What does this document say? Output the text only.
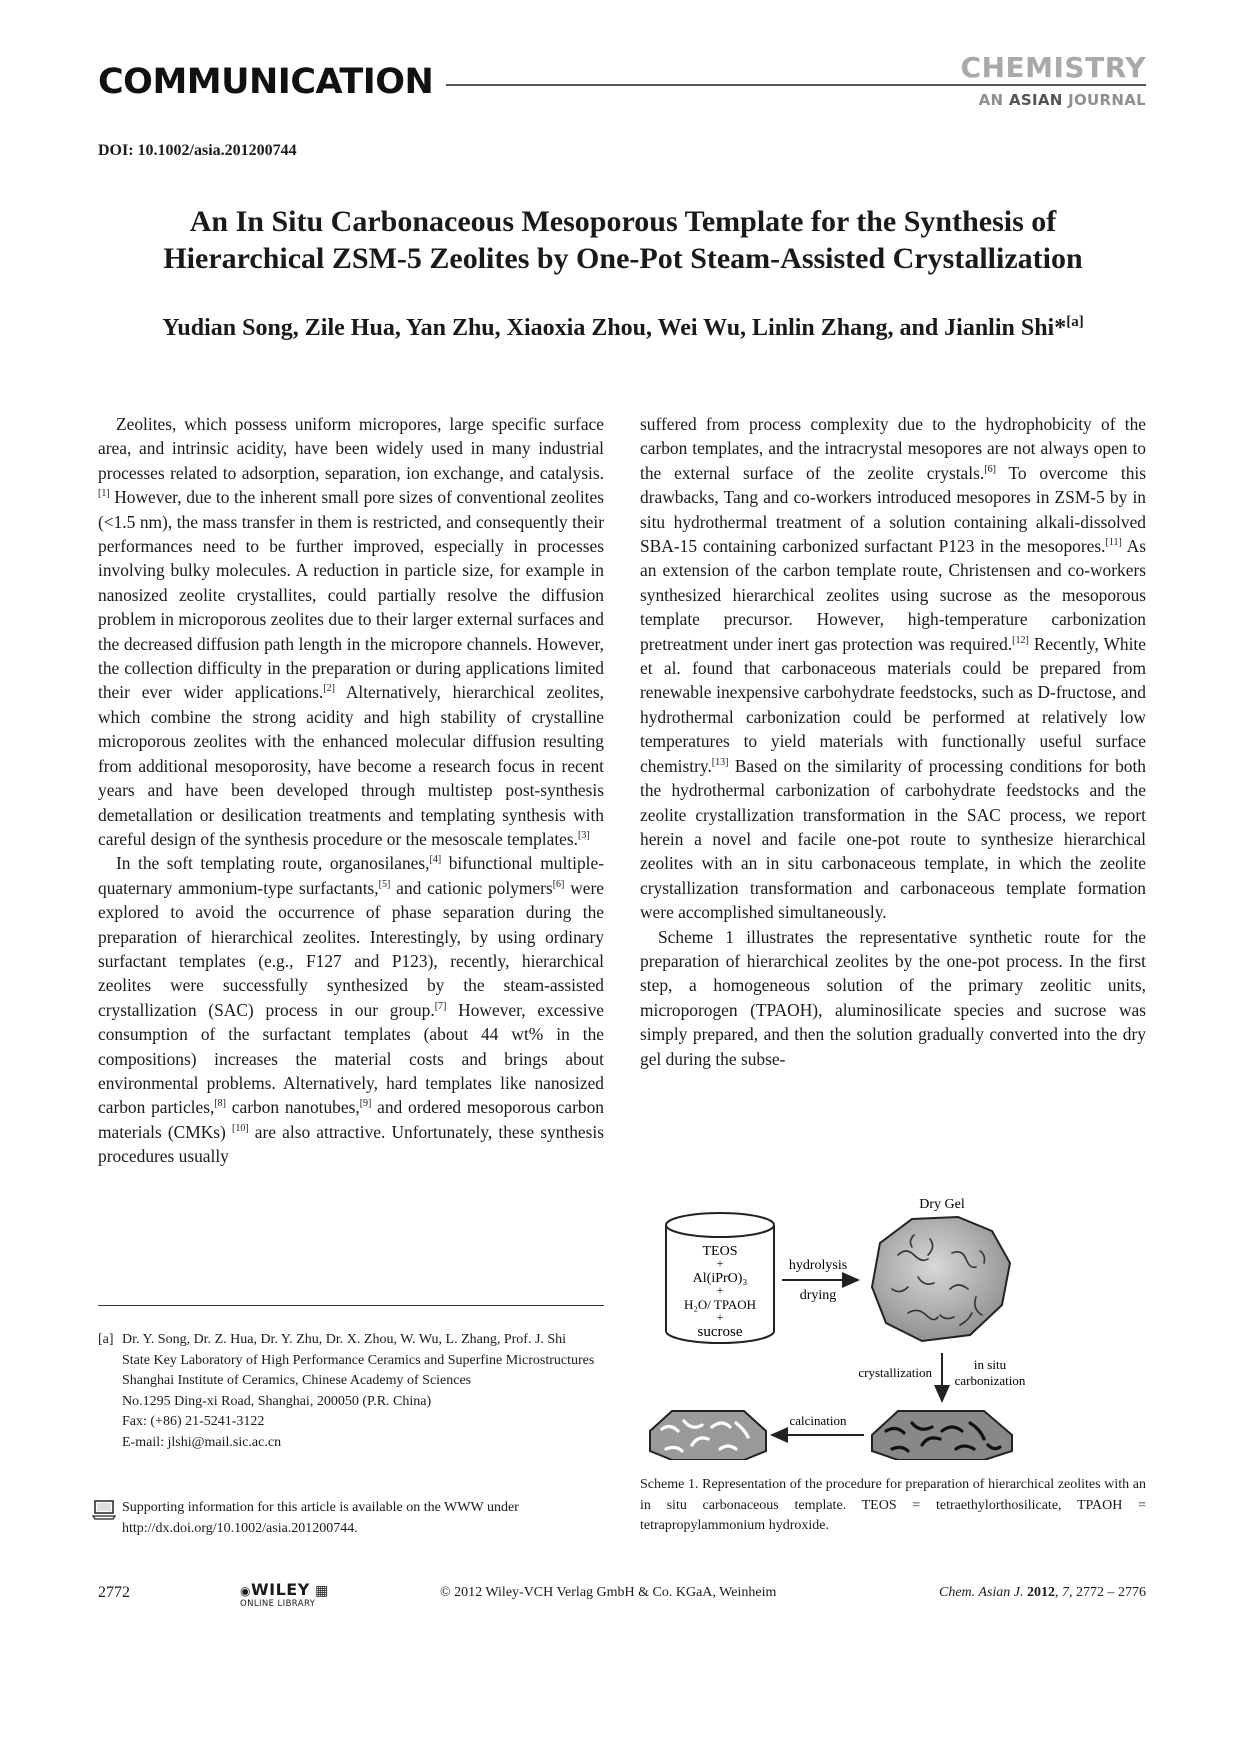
COMMUNICATION	CHEMISTRY
AN ASIAN JOURNAL
DOI: 10.1002/asia.201200744
An In Situ Carbonaceous Mesoporous Template for the Synthesis of
Hierarchical ZSM-5 Zeolites by One-Pot Steam-Assisted Crystallization
Yudian Song, Zile Hua, Yan Zhu, Xiaoxia Zhou, Wei Wu, Linlin Zhang, and Jianlin Shi*[a]

Zeolites, which possess uniform micropores, large specific surface area, and intrinsic acidity, have been widely used in many industrial processes related to adsorption, separation, ion exchange, and catalysis.[1] However, due to the inherent small pore sizes of conventional zeolites (<1.5 nm), the mass transfer in them is restricted, and consequently their performances need to be further improved, especially in processes involving bulky molecules. A reduction in particle size, for example in nanosized zeolite crystallites, could partially resolve the diffusion problem in microporous zeolites due to their larger external surfaces and the decreased diffusion path length in the micropore channels. However, the collection difficulty in the preparation or during applications limited their ever wider applications.[2] Alternatively, hierarchical zeolites, which combine the strong acidity and high stability of crystalline microporous zeolites with the enhanced molecular diffusion resulting from additional mesoporosity, have become a research focus in recent years and have been developed through multistep post-synthesis demetallation or desilication treatments and templating synthesis with careful design of the synthesis procedure or the mesoscale templates.[3]

In the soft templating route, organosilanes,[4] bifunctional multiple-quaternary ammonium-type surfactants,[5] and cationic polymers[6] were explored to avoid the occurrence of phase separation during the preparation of hierarchical zeolites. Interestingly, by using ordinary surfactant templates (e.g., F127 and P123), recently, hierarchical zeolites were successfully synthesized by the steam-assisted crystallization (SAC) process in our group.[7] However, excessive consumption of the surfactant templates (about 44 wt% in the compositions) increases the material costs and brings about environmental problems. Alternatively, hard templates like nanosized carbon particles,[8] carbon nanotubes,[9] and ordered mesoporous carbon materials (CMKs) [10] are also attractive. Unfortunately, these synthesis procedures usually

suffered from process complexity due to the hydrophobicity of the carbon templates, and the intracrystal mesopores are not always open to the external surface of the zeolite crystals.[6] To overcome this drawbacks, Tang and co-workers introduced mesopores in ZSM-5 by in situ hydrothermal treatment of a solution containing alkali-dissolved SBA-15 containing carbonized surfactant P123 in the mesopores.[11] As an extension of the carbon template route, Christensen and co-workers synthesized hierarchical zeolites using sucrose as the mesoporous template precursor. However, high-temperature carbonization pretreatment under inert gas protection was required.[12] Recently, White et al. found that carbonaceous materials could be prepared from renewable inexpensive carbohydrate feedstocks, such as D-fructose, and hydrothermal carbonization could be performed at relatively low temperatures to yield materials with functionally useful surface chemistry.[13] Based on the similarity of processing conditions for both the hydrothermal carbonization of carbohydrate feedstocks and the zeolite crystallization transformation in the SAC process, we report herein a novel and facile one-pot route to synthesize hierarchical zeolites with an in situ carbonaceous template, in which the zeolite crystallization transformation and carbonaceous template formation were accomplished simultaneously.

Scheme 1 illustrates the representative synthetic route for the preparation of hierarchical zeolites by the one-pot process. In the first step, a homogeneous solution of the primary zeolitic units, microporogen (TPAOH), aluminosilicate species and sucrose was simply prepared, and then the solution gradually converted into the dry gel during the subse-

TEOS
+
Al(iPrO)₃
+
H₂O/ TPAOH
+
sucrose
hydrolysis
drying
Dry Gel
crystallization
in situ
carbonization
calcination
Scheme 1. Representation of the procedure for preparation of hierarchical zeolites with an in situ carbonaceous template. TEOS = tetraethylorthosilicate, TPAOH = tetrapropylammonium hydroxide.
[a] Dr. Y. Song, Dr. Z. Hua, Dr. Y. Zhu, Dr. X. Zhou, W. Wu, L. Zhang, Prof. J. Shi
State Key Laboratory of High Performance Ceramics and Superfine Microstructures
Shanghai Institute of Ceramics, Chinese Academy of Sciences
No.1295 Ding-xi Road, Shanghai, 200050 (P.R. China)
Fax: (+86) 21-5241-3122
E-mail: jlshi@mail.sic.ac.cn
Supporting information for this article is available on the WWW under http://dx.doi.org/10.1002/asia.201200744.
2772	◉WILEY ▦
ONLINE LIBRARY
© 2012 Wiley-VCH Verlag GmbH & Co. KGaA, Weinheim	Chem. Asian J. 2012, 7, 2772 – 2776
